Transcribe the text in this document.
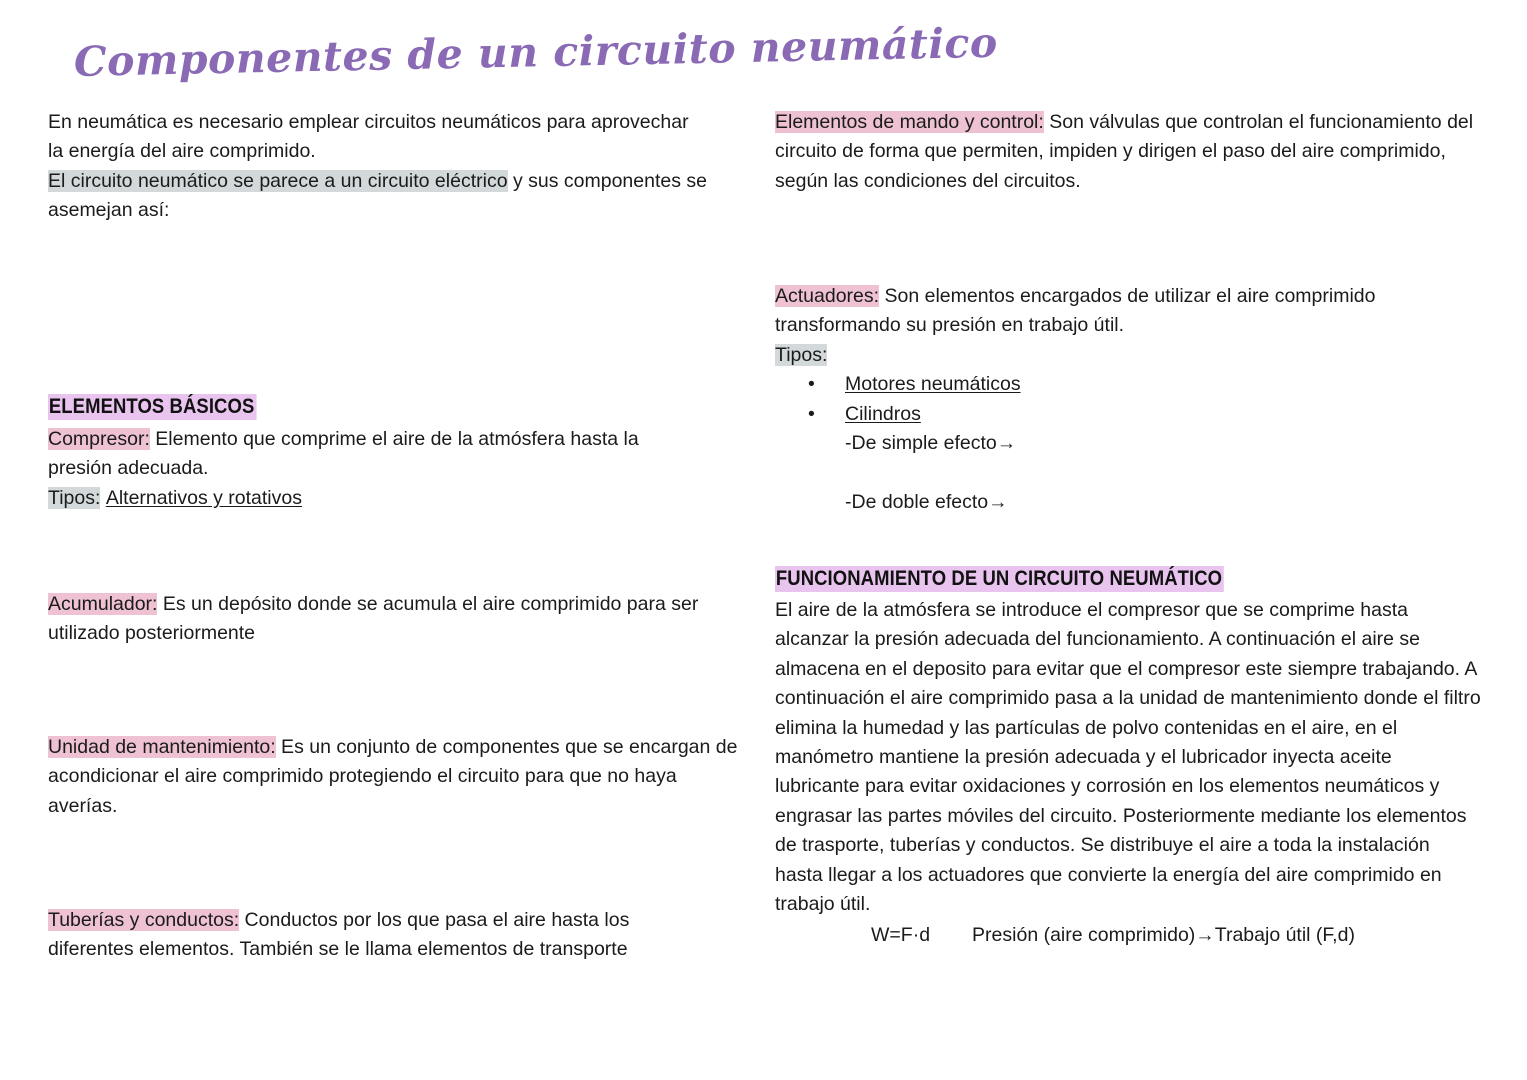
Componentes de un circuito neumático

En neumática es necesario emplear circuitos neumáticos para aprovechar

la energía del aire comprimido.

El circuito neumático se parece a un circuito eléctrico y sus componentes se

asemejan así:

ELEMENTOS BÁSICOS

Compresor: Elemento que comprime el aire de la atmósfera hasta la presión adecuada.

Tipos: Alternativos y rotativos

Acumulador: Es un depósito donde se acumula el aire comprimido para ser utilizado posteriormente

Unidad de mantenimiento: Es un conjunto de componentes que se encargan de acondicionar el aire comprimido protegiendo el circuito para que no haya averías.

Tuberías y conductos: Conductos por los que pasa el aire hasta los diferentes elementos. También se le llama elementos de transporte

Elementos de mando y control: Son válvulas que controlan el funcionamiento del circuito de forma que permiten, impiden y dirigen el paso del aire comprimido, según las condiciones del circuitos.

Actuadores: Son elementos encargados de utilizar el aire comprimido transformando su presión en trabajo útil.

Tipos:

• Motores neumáticos
• Cilindros
-De simple efecto→

-De doble efecto→
FUNCIONAMIENTO DE UN CIRCUITO NEUMÁTICO

El aire de la atmósfera se introduce el compresor que se comprime hasta alcanzar la presión adecuada del funcionamiento. A continuación el aire se almacena en el deposito para evitar que el compresor este siempre trabajando. A continuación el aire comprimido pasa a la unidad de mantenimiento donde el filtro elimina la humedad y las partículas de polvo contenidas en el aire, en el manómetro mantiene la presión adecuada y el lubricador inyecta aceite lubricante para evitar oxidaciones y corrosión en los elementos neumáticos y engrasar las partes móviles del circuito. Posteriormente mediante los elementos de trasporte, tuberías y conductos. Se distribuye el aire a toda la instalación hasta llegar a los actuadores que convierte la energía del aire comprimido en trabajo útil.

W=F·d Presión (aire comprimido)→Trabajo útil (F,d)
